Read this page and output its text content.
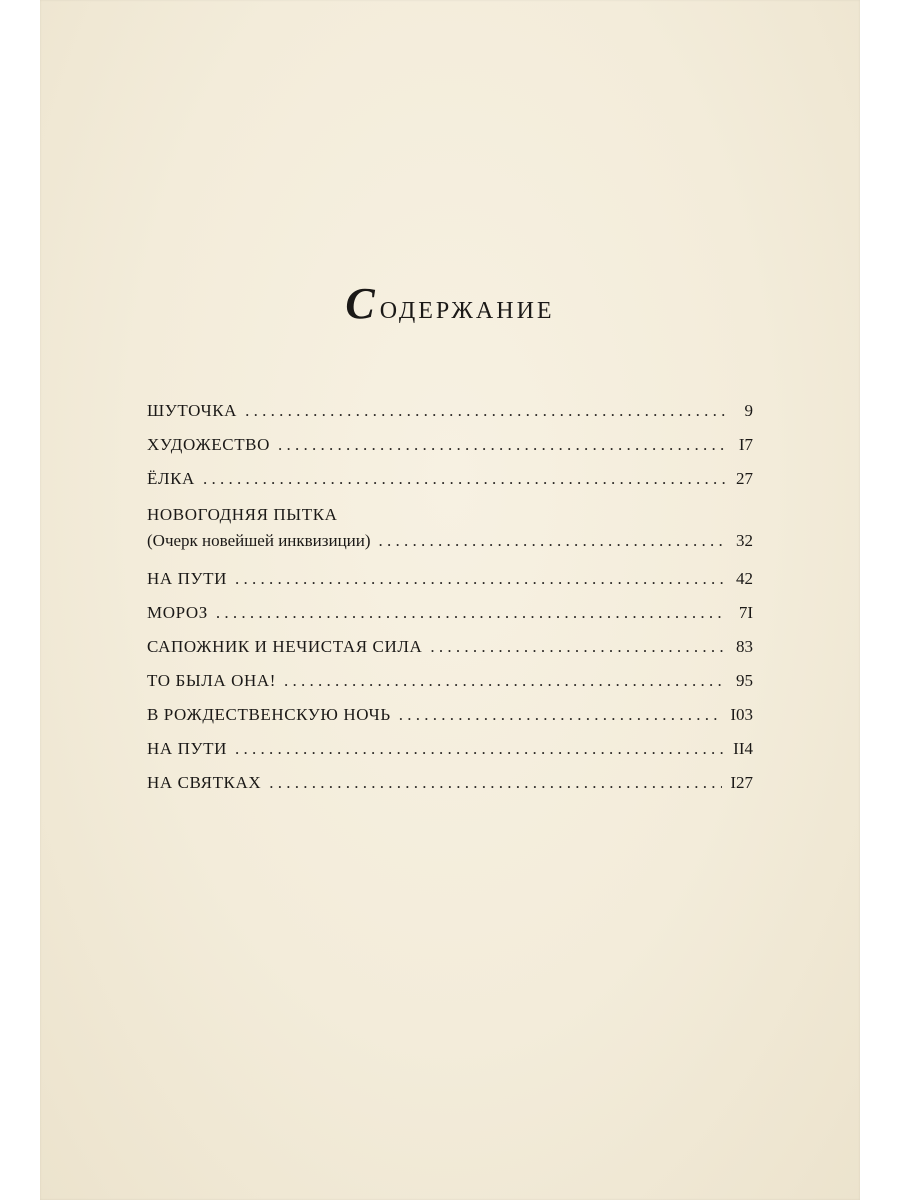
Содержание
ШУТОЧКА . . .	9
ХУДОЖЕСТВО . . .	I7
ЁЛКА . . .	27
НОВОГОДНЯЯ ПЫТКА
(Очерк новейшей инквизиции) . . .	32
НА ПУТИ . . .	42
МОРОЗ . . .	7I
САПОЖНИК И НЕЧИСТАЯ СИЛА . . .	83
ТО БЫЛА ОНА! . . .	95
В РОЖДЕСТВЕНСКУЮ НОЧЬ . . .	I03
НА ПУТИ . . .	II4
НА СВЯТКАХ . . .	I27
